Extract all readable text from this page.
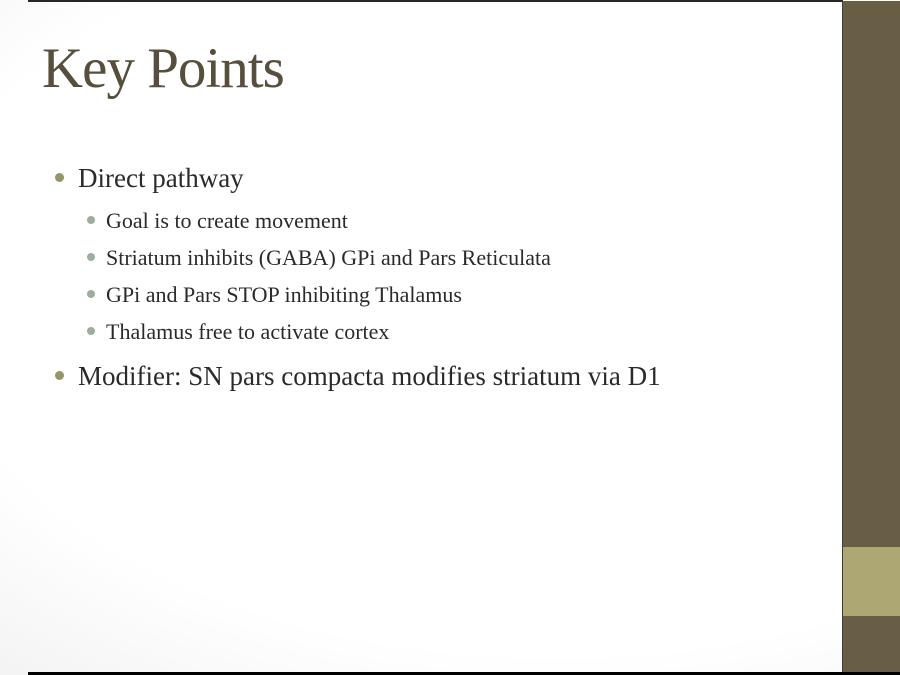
Key Points
Direct pathway
Goal is to create movement
Striatum inhibits (GABA) GPi and Pars Reticulata
GPi and Pars STOP inhibiting Thalamus
Thalamus free to activate cortex
Modifier: SN pars compacta modifies striatum via D1
